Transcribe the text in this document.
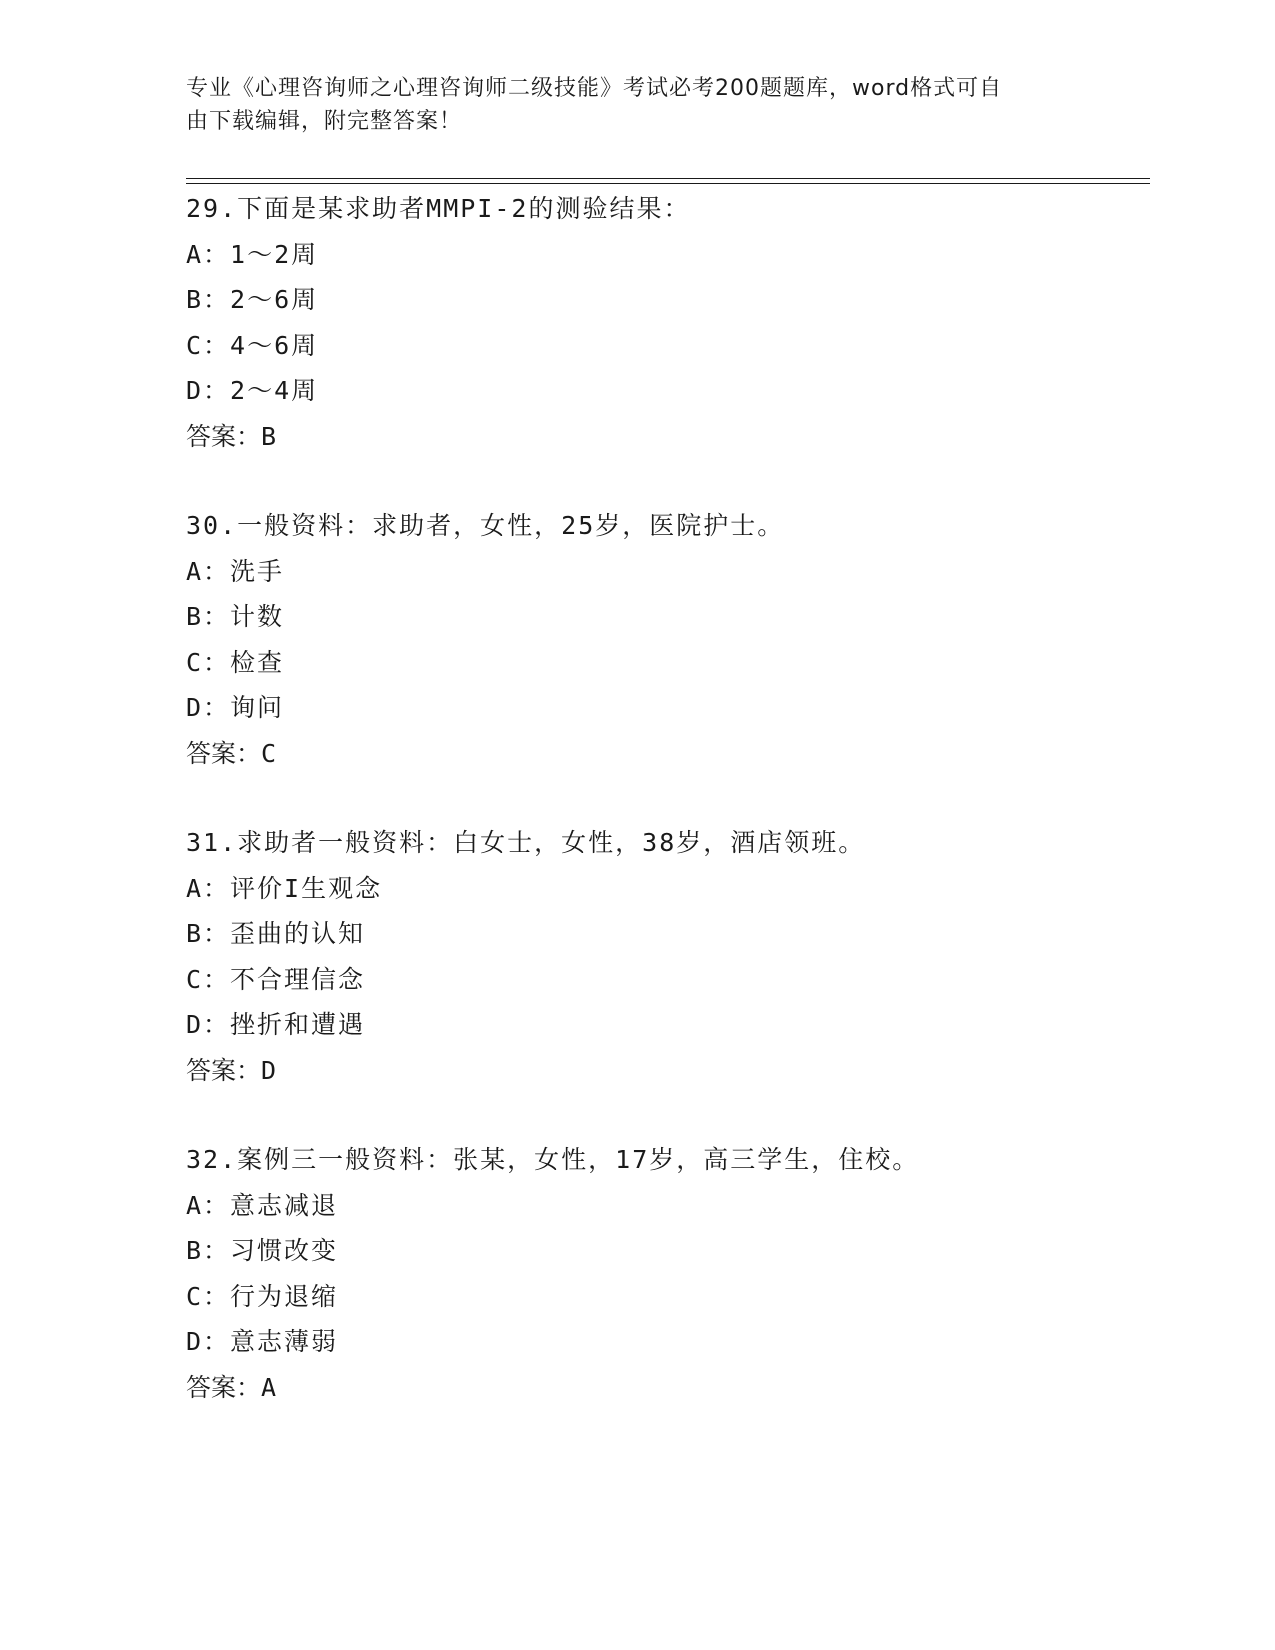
专业《心理咨询师之心理咨询师二级技能》考试必考200题题库，word格式可自
由下载编辑，附完整答案！
29.下面是某求助者MMPI-2的测验结果：
A：1～2周
B：2～6周
C：4～6周
D：2～4周
答案：B
30.一般资料：求助者，女性，25岁，医院护士。
A：洗手
B：计数
C：检查
D：询问
答案：C
31.求助者一般资料：白女士，女性，38岁，酒店领班。
A：评价I生观念
B：歪曲的认知
C：不合理信念
D：挫折和遭遇
答案：D
32.案例三一般资料：张某，女性，17岁，高三学生，住校。
A：意志减退
B：习惯改变
C：行为退缩
D：意志薄弱
答案：A
